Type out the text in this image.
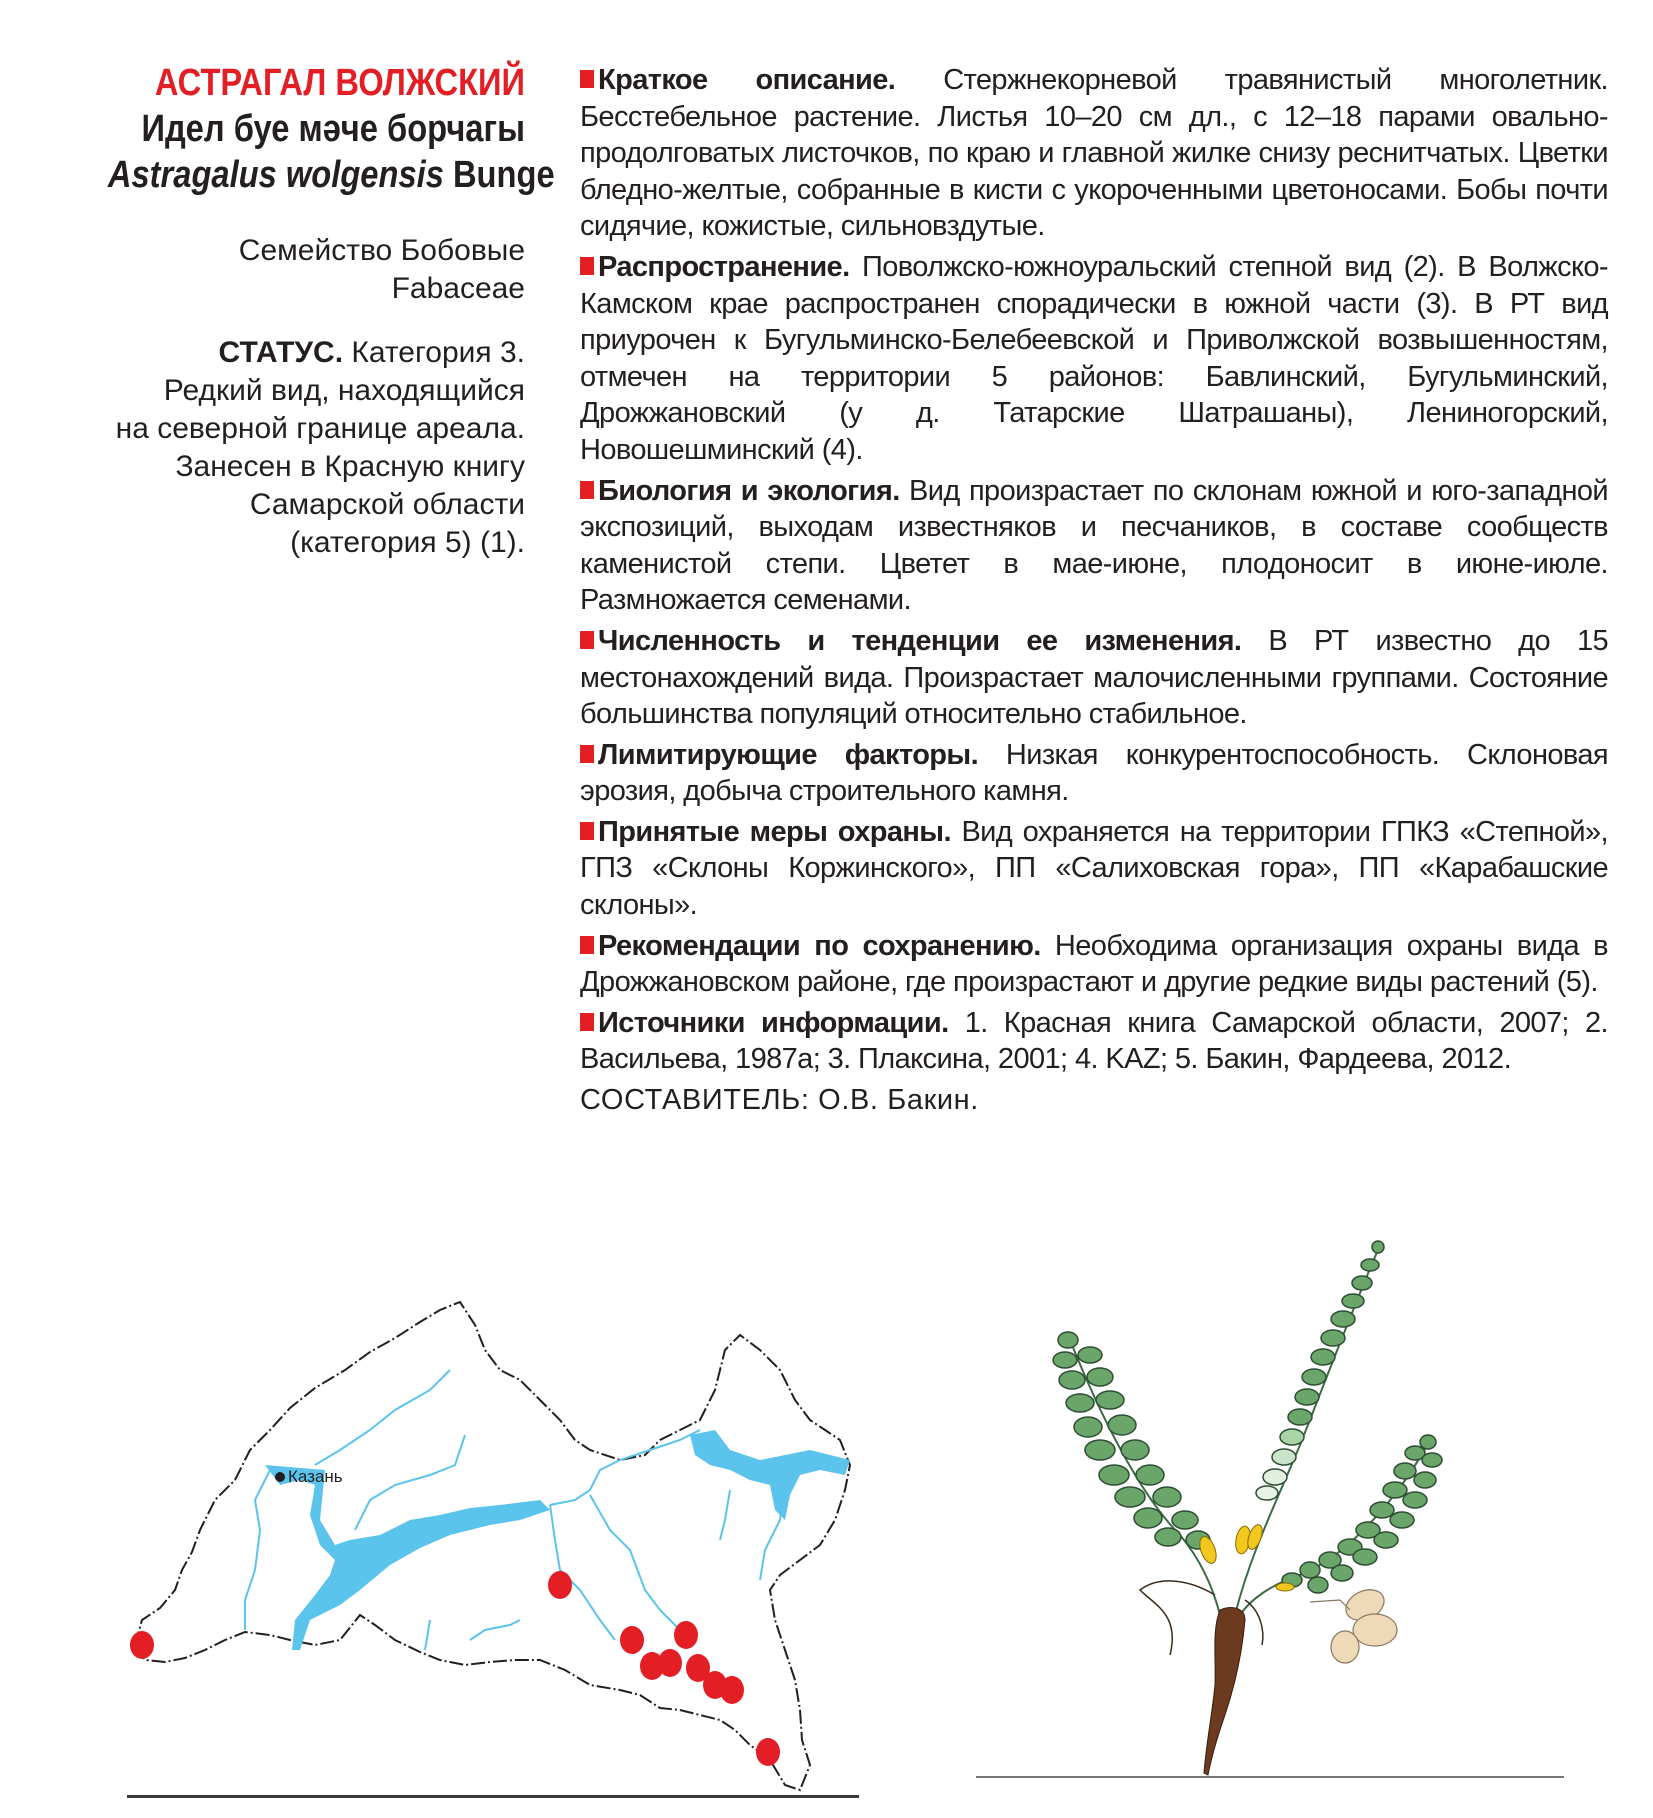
АСТРАГАЛ ВОЛЖСКИЙ
Идел буе мәче борчагы
Astragalus wolgensis Bunge
Семейство Бобовые
Fabaceae
СТАТУС. Категория 3.
Редкий вид, находящийся
на северной границе ареала.
Занесен в Красную книгу
Самарской области
(категория 5) (1).

Краткое описание. Стержнекорневой травянистый многолетник. Бесстебельное растение. Листья 10–20 см дл., с 12–18 парами овально-продолговатых листочков, по краю и главной жилке снизу реснитчатых. Цветки бледно-желтые, собранные в кисти с укороченными цветоносами. Бобы почти сидячие, кожистые, сильновздутые.

Распространение. Поволжско-южноуральский степной вид (2). В Волжско-Камском крае распространен спорадически в южной части (3). В РТ вид приурочен к Бугульминско-Белебеевской и Приволжской возвышенностям, отмечен на территории 5 районов: Бавлинский, Бугульминский, Дрожжановский (у д. Татарские Шатрашаны), Лениногорский, Новошешминский (4).

Биология и экология. Вид произрастает по склонам южной и юго-западной экспозиций, выходам известняков и песчаников, в составе сообществ каменистой степи. Цветет в мае-июне, плодоносит в июне-июле. Размножается семенами.

Численность и тенденции ее изменения. В РТ известно до 15 местонахождений вида. Произрастает малочисленными группами. Состояние большинства популяций относительно стабильное.

Лимитирующие факторы. Низкая конкурентоспособность. Склоновая эрозия, добыча строительного камня.

Принятые меры охраны. Вид охраняется на территории ГПКЗ «Степной», ГПЗ «Склоны Коржинского», ПП «Салиховская гора», ПП «Карабашские склоны».

Рекомендации по сохранению. Необходима организация охраны вида в Дрожжановском районе, где произрастают и другие редкие виды растений (5).

Источники информации. 1. Красная книга Самарской области, 2007; 2. Васильева, 1987а; 3. Плаксина, 2001; 4. KAZ; 5. Бакин, Фардеева, 2012.

СОСТАВИТЕЛЬ: О.В. Бакин.
Казань
